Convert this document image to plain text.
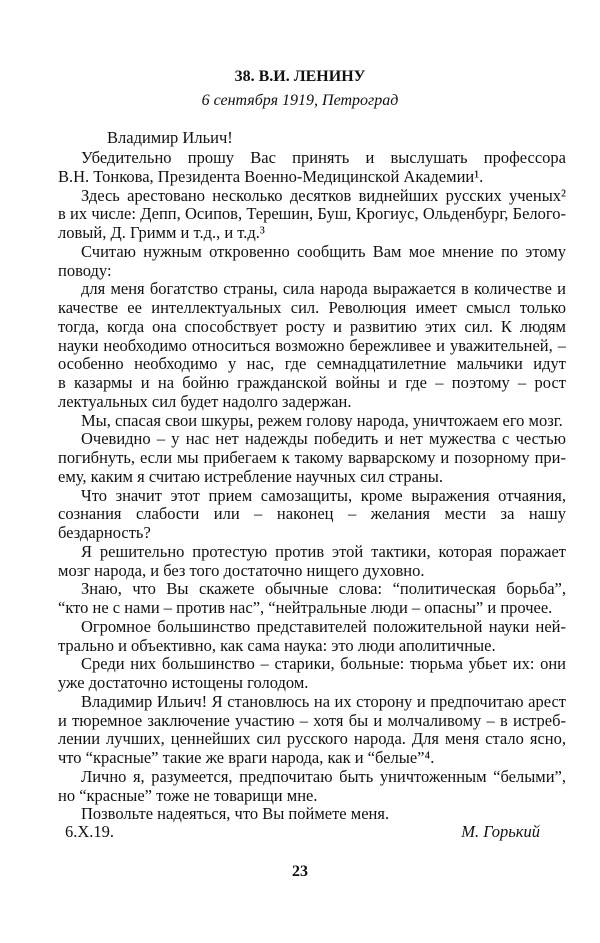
38. В.И. ЛЕНИНУ
6 сентября 1919, Петроград
Владимир Ильич!
Убедительно прошу Вас принять и выслушать профессора
В.Н. Тонкова, Президента Военно-Медицинской Академии¹.
Здесь арестовано несколько десятков виднейших русских ученых²
в их числе: Депп, Осипов, Терешин, Буш, Крогиус, Ольденбург, Белого-
ловый, Д. Гримм и т.д., и т.д.³
Считаю нужным откровенно сообщить Вам мое мнение по этому
поводу:
для меня богатство страны, сила народа выражается в количестве и
качестве ее интеллектуальных сил. Революция имеет смысл только
тогда, когда она способствует росту и развитию этих сил. К людям
науки необходимо относиться возможно бережливее и уважительней, –
особенно необходимо у нас, где семнадцатилетние мальчики идут
в казармы и на бойню гражданской войны и где – поэтому – рост
лектуальных сил будет надолго задержан.
Мы, спасая свои шкуры, режем голову народа, уничтожаем его мозг.
Очевидно – у нас нет надежды победить и нет мужества с честью
погибнуть, если мы прибегаем к такому варварскому и позорному при-
ему, каким я считаю истребление научных сил страны.
Что значит этот прием самозащиты, кроме выражения отчаяния,
сознания слабости или – наконец – желания мести за нашу
бездарность?
Я решительно протестую против этой тактики, которая поражает
мозг народа, и без того достаточно нищего духовно.
Знаю, что Вы скажете обычные слова: “политическая борьба”,
“кто не с нами – против нас”, “нейтральные люди – опасны” и прочее.
Огромное большинство представителей положительной науки ней-
трально и объективно, как сама наука: это люди аполитичные.
Среди них большинство – старики, больные: тюрьма убьет их: они
уже достаточно истощены голодом.
Владимир Ильич! Я становлюсь на их сторону и предпочитаю арест
и тюремное заключение участию – хотя бы и молчаливому – в истреб-
лении лучших, ценнейших сил русского народа. Для меня стало ясно,
что “красные” такие же враги народа, как и “белые”⁴.
Лично я, разумеется, предпочитаю быть уничтоженным “белыми”,
но “красные” тоже не товарищи мне.
Позвольте надеяться, что Вы поймете меня.
6.X.19.	М. Горький
23
